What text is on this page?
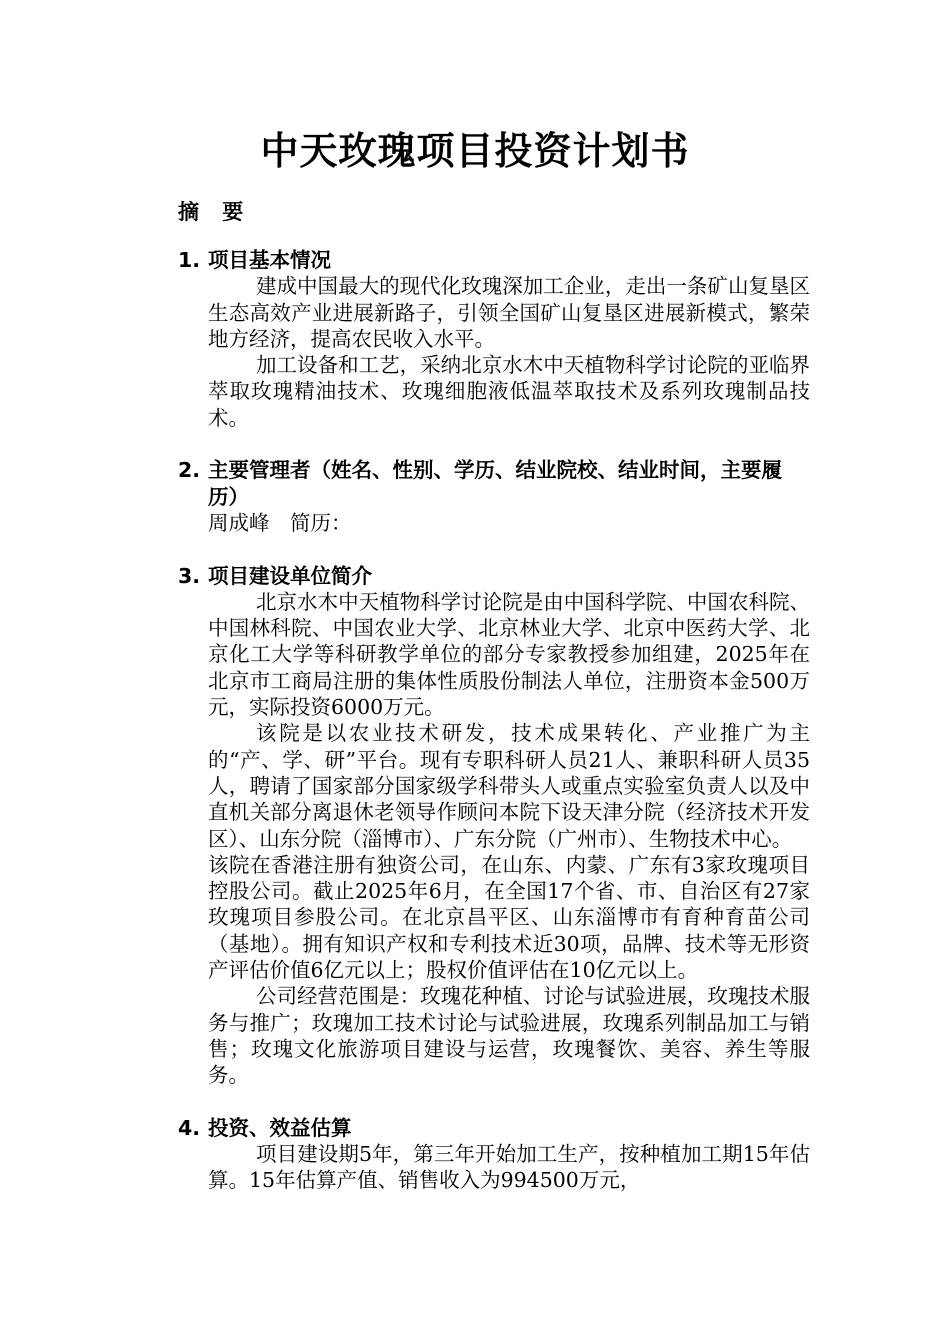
中天玫瑰项目投资计划书
摘 要
1. 项目基本情况
建成中国最大的现代化玫瑰深加工企业，走出一条矿山复垦区生态高效产业进展新路子，引领全国矿山复垦区进展新模式，繁荣地方经济，提高农民收入水平。
加工设备和工艺，采纳北京水木中天植物科学讨论院的亚临界萃取玫瑰精油技术、玫瑰细胞液低温萃取技术及系列玫瑰制品技术。
2. 主要管理者（姓名、性别、学历、结业院校、结业时间，主要履历）
周成峰　简历：
3. 项目建设单位简介
北京水木中天植物科学讨论院是由中国科学院、中国农科院、中国林科院、中国农业大学、北京林业大学、北京中医药大学、北京化工大学等科研教学单位的部分专家教授参加组建，2025年在北京市工商局注册的集体性质股份制法人单位，注册资本金500万元，实际投资6000万元。
该院是以农业技术研发，技术成果转化、产业推广为主的“产、学、研”平台。现有专职科研人员21人、兼职科研人员35人，聘请了国家部分国家级学科带头人或重点实验室负责人以及中直机关部分离退休老领导作顾问本院下设天津分院（经济技术开发区）、山东分院（淄博市）、广东分院（广州市）、生物技术中心。
该院在香港注册有独资公司，在山东、内蒙、广东有3家玫瑰项目控股公司。截止2025年6月，在全国17个省、市、自治区有27家玫瑰项目参股公司。在北京昌平区、山东淄博市有育种育苗公司（基地）。拥有知识产权和专利技术近30项，品牌、技术等无形资产评估价值6亿元以上；股权价值评估在10亿元以上。
公司经营范围是：玫瑰花种植、讨论与试验进展，玫瑰技术服务与推广；玫瑰加工技术讨论与试验进展，玫瑰系列制品加工与销售；玫瑰文化旅游项目建设与运营，玫瑰餐饮、美容、养生等服务。
4. 投资、效益估算
项目建设期5年，第三年开始加工生产，按种植加工期15年估算。15年估算产值、销售收入为994500万元，
